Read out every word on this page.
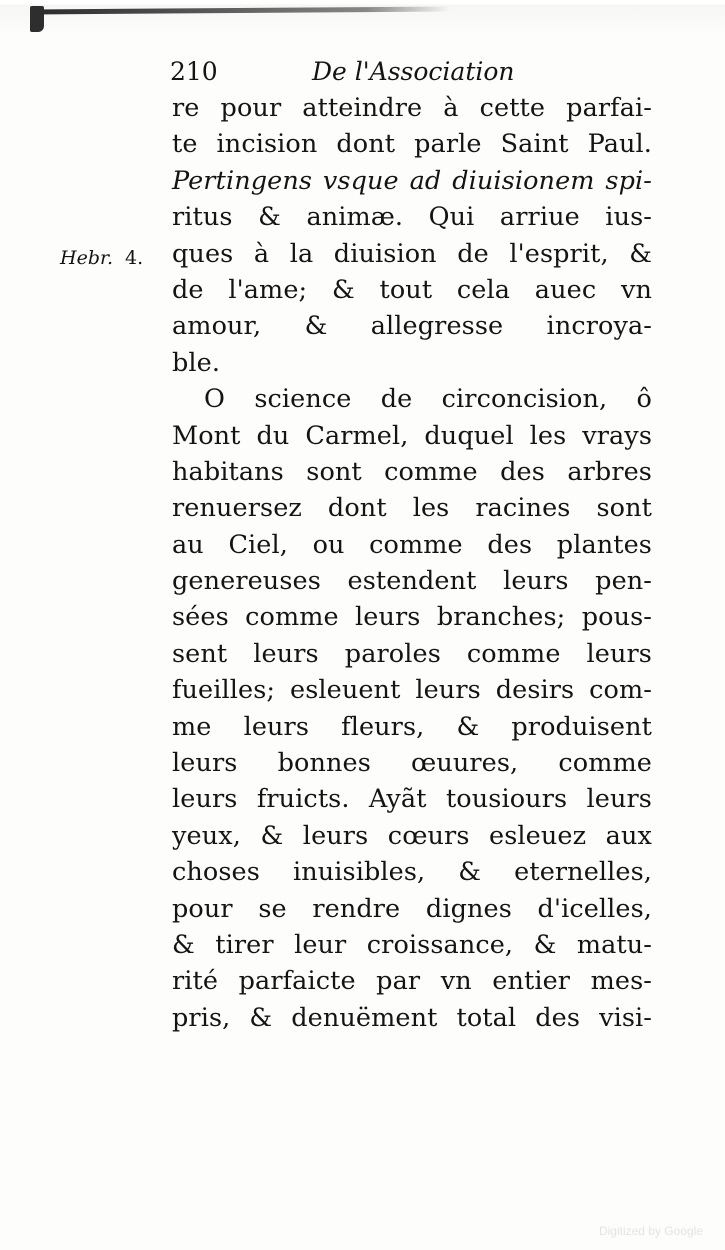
210	De l'Association
Hebr. 4.
re pour atteindre à cette parfai-
te incision dont parle Saint Paul.
Pertingens vsque ad diuisionem spi-
ritus & animæ. Qui arriue ius-
ques à la diuision de l'esprit, &
de l'ame; & tout cela auec vn
amour, & allegresse incroya-
ble.
O science de circoncision, ô
Mont du Carmel, duquel les vrays
habitans sont comme des arbres
renuersez dont les racines sont
au Ciel, ou comme des plantes
genereuses estendent leurs pen-
sées comme leurs branches; pous-
sent leurs paroles comme leurs
fueilles; esleuent leurs desirs com-
me leurs fleurs, & produisent
leurs bonnes œuures, comme
leurs fruicts. Ayãt tousiours leurs
yeux, & leurs cœurs esleuez aux
choses inuisibles, & eternelles,
pour se rendre dignes d'icelles,
& tirer leur croissance, & matu-
rité parfaicte par vn entier mes-
pris, & denuëment total des visi-
Digitized by Google
